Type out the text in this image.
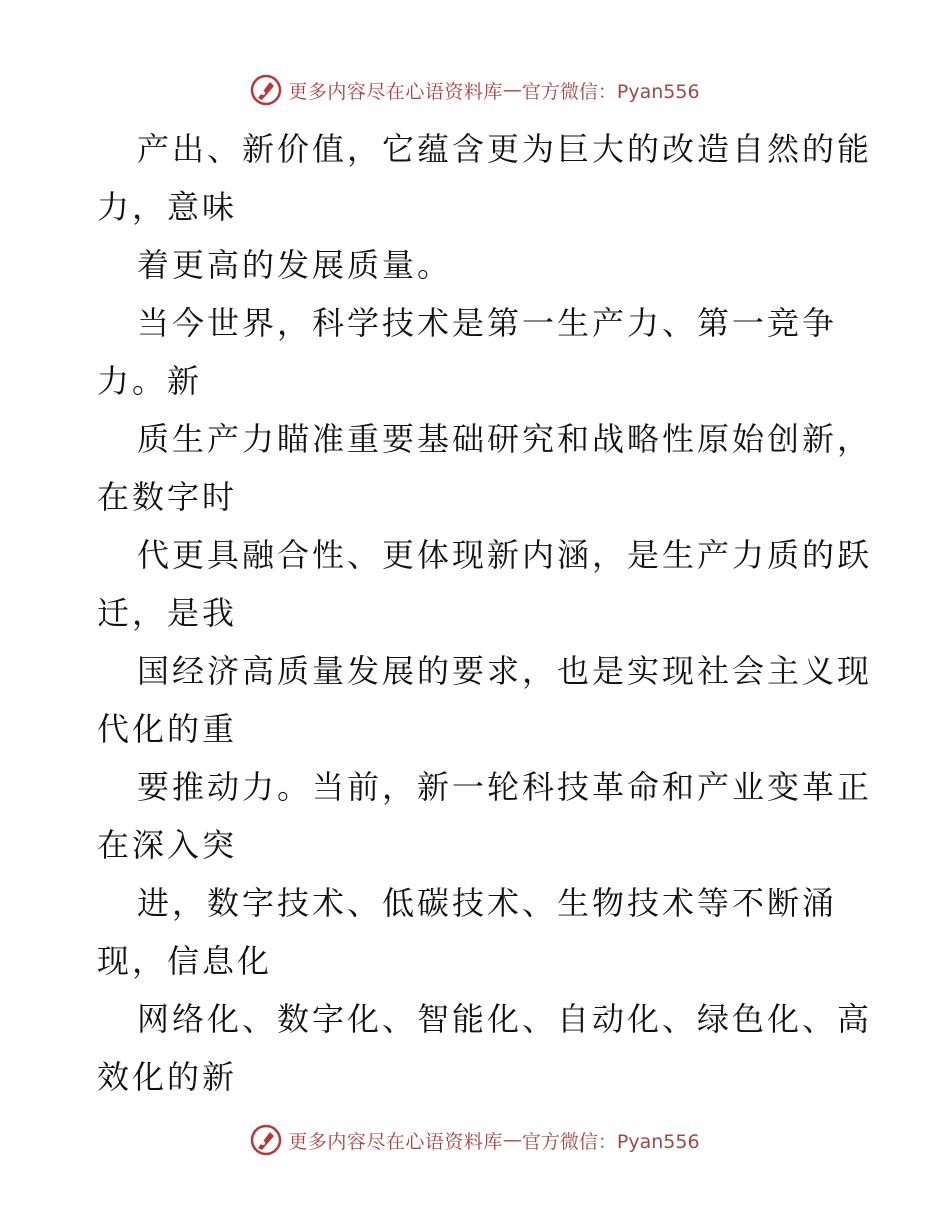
更多内容尽在心语资料库 — 官方微信：Pyan556
产出、新价值，它蕴含更为巨大的改造自然的能
力，意味
着更高的发展质量。
当今世界，科学技术是第一生产力、第一竞争
力。新
质生产力瞄准重要基础研究和战略性原始创新，
在数字时
代更具融合性、更体现新内涵，是生产力质的跃
迁，是我
国经济高质量发展的要求，也是实现社会主义现
代化的重
要推动力。当前，新一轮科技革命和产业变革正
在深入突
进，数字技术、低碳技术、生物技术等不断涌
现，信息化
网络化、数字化、智能化、自动化、绿色化、高
效化的新
更多内容尽在心语资料库 — 官方微信：Pyan556
